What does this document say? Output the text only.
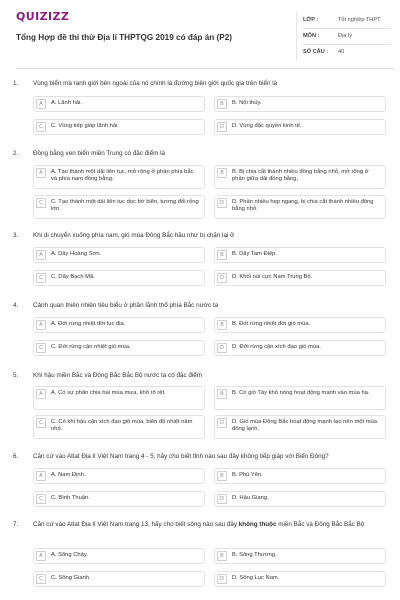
QUIZIZZ
Tổng Hợp đề thi thử Địa lí THPTQG 2019 có đáp án (P2)
LỚP :	Tốt nghiệp THPT
MÔN :	Địa lý
SỐ CÂU : 40
1. Vùng biển mà ranh giới bên ngoài của nó chính là đường biên giới quốc gia trên biển là
A	A. Lãnh hải.	B	B. Nội thủy.
C	C. Vùng tiếp giáp lãnh hải.	D	D. Vùng đặc quyền kinh tế.
2. Đồng bằng ven biển miền Trung có đặc điểm là
A	A. Tạo thành một dải liên tục, mở rộng ở phần phía bắc và phía nam đồng bằng.
B	B. Bị chia cắt thành nhiều đồng bằng nhỏ, mở rộng ở phần giữa dải đồng bằng,
C	C. Tạo thành một dải liên tục dọc bờ biển, tương đối rộng lớn.
D	D. Phần nhiều hẹp ngang, bị chia cắt thành nhiều đồng bằng nhỏ.
3. Khi di chuyển xuống phía nam, gió mùa Đông Bắc hầu như bị chặn lại ở
A	A. Dãy Hoàng Sơn.	B	B. Dãy Tam Điệp.
C	C. Dãy Bạch Mã.	D	D. Khối núi cực Nam Trung Bộ.
4. Cảnh quan thiên nhiên tiêu biểu ở phần lãnh thổ phía Bắc nước ta
A	A. Đới rừng nhiệt đới lục địa.	B	B. Đới rừng nhiệt đới gió mùa.
C	C. Đới rừng cận nhiệt gió mùa.	D	D. Đới rừng cận xích đạo gió mùa.
5. Khí hậu miền Bắc và Đông Bắc Bắc Bộ nước ta có đặc điểm
A	A. Có sự phân chia hai mùa mưa, khô rõ rệt.	B	B. Có gió Tây khô nóng hoạt động mạnh vào mùa hạ.
C	C. Có khí hậu cận xích đạo gió mùa, biên độ nhiệt năm nhỏ.
D	D. Gió mùa Đông Bắc hoạt động mạnh tạo nên một mùa đông lạnh.
6. Căn cứ vào Atlat Địa lí Việt Nam trang 4 - 5, hãy cho biết tỉnh nào sau đây không tiếp giáp với Biển Đông?
A	A. Nam Định.	B	B. Phú Yên.
C	C. Bình Thuận.	D	D. Hậu Giang.
7. Căn cứ vào Atlat Địa lí Việt Nam trang 13, hãy cho biết sông nào sau đây không thuộc miền Bắc và Đông Bắc Bắc Bộ
A	A. Sông Chảy.	B	B. Sông Thương.
C	C. Sông Gianh.	D	D. Sông Lục Nam.
